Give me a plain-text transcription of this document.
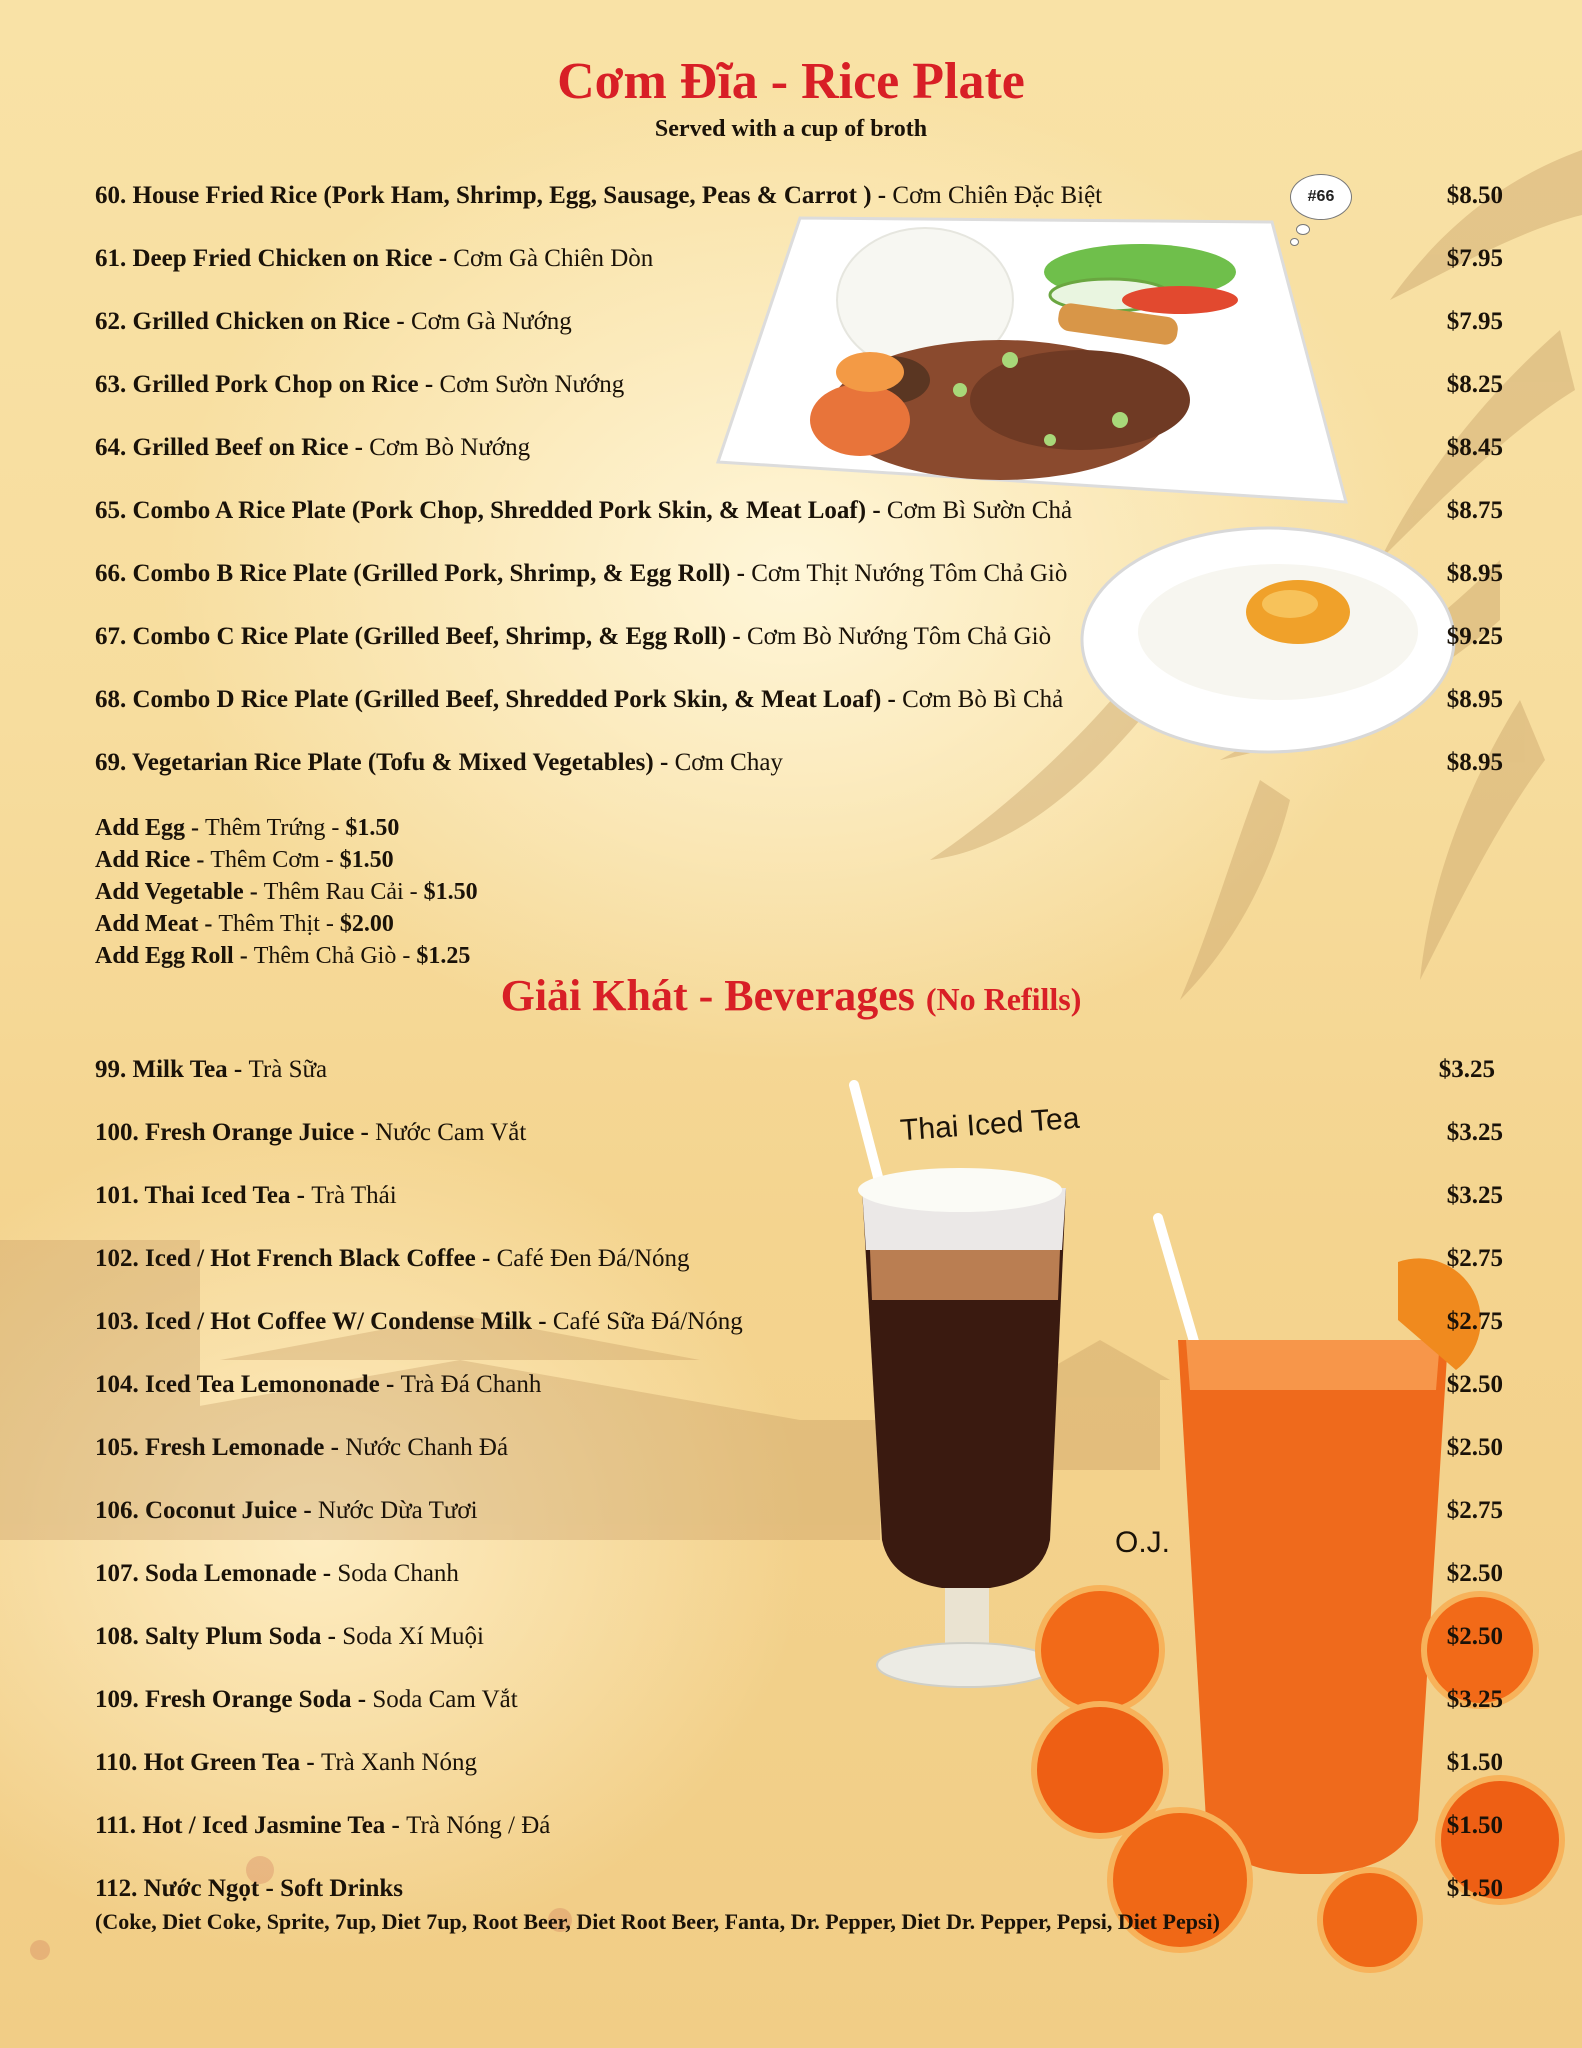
Cơm Đĩa - Rice Plate
Served with a cup of broth
#66
60. House Fried Rice (Pork Ham, Shrimp, Egg, Sausage, Peas & Carrot ) - Cơm Chiên Đặc Biệt	$8.50
61. Deep Fried Chicken on Rice - Cơm Gà Chiên Dòn	$7.95
62. Grilled Chicken on Rice - Cơm Gà Nướng	$7.95
63. Grilled Pork Chop on Rice - Cơm Sườn Nướng	$8.25
64. Grilled Beef on Rice - Cơm Bò Nướng	$8.45
65. Combo A Rice Plate (Pork Chop, Shredded Pork Skin, & Meat Loaf) - Cơm Bì Sườn Chả	$8.75
66. Combo B Rice Plate (Grilled Pork, Shrimp, & Egg Roll) - Cơm Thịt Nướng Tôm Chả Giò	$8.95
67. Combo C Rice Plate (Grilled Beef, Shrimp, & Egg Roll) - Cơm Bò Nướng Tôm Chả Giò	$9.25
68. Combo D Rice Plate (Grilled Beef, Shredded Pork Skin, & Meat Loaf) - Cơm Bò Bì Chả	$8.95
69. Vegetarian Rice Plate (Tofu & Mixed Vegetables) - Cơm Chay	$8.95
Add Egg - Thêm Trứng - $1.50
Add Rice - Thêm Cơm - $1.50
Add Vegetable - Thêm Rau Cải - $1.50
Add Meat - Thêm Thịt - $2.00
Add Egg Roll - Thêm Chả Giò - $1.25
Giải Khát - Beverages (No Refills)
Thai Iced Tea
O.J.
99. Milk Tea - Trà Sữa	$3.25
100. Fresh Orange Juice - Nước Cam Vắt	$3.25
101. Thai Iced Tea - Trà Thái	$3.25
102. Iced / Hot French Black Coffee - Café Đen Đá/Nóng	$2.75
103. Iced / Hot Coffee W/ Condense Milk - Café Sữa Đá/Nóng	$2.75
104. Iced Tea Lemononade - Trà Đá Chanh	$2.50
105. Fresh Lemonade - Nước Chanh Đá	$2.50
106. Coconut Juice - Nước Dừa Tươi	$2.75
107. Soda Lemonade - Soda Chanh	$2.50
108. Salty Plum Soda - Soda Xí Muội	$2.50
109. Fresh Orange Soda - Soda Cam Vắt	$3.25
110. Hot Green Tea - Trà Xanh Nóng	$1.50
111. Hot / Iced Jasmine Tea - Trà Nóng / Đá	$1.50
112. Nước Ngọt - Soft Drinks	$1.50
(Coke, Diet Coke, Sprite, 7up, Diet 7up, Root Beer, Diet Root Beer, Fanta, Dr. Pepper, Diet Dr. Pepper, Pepsi, Diet Pepsi)
